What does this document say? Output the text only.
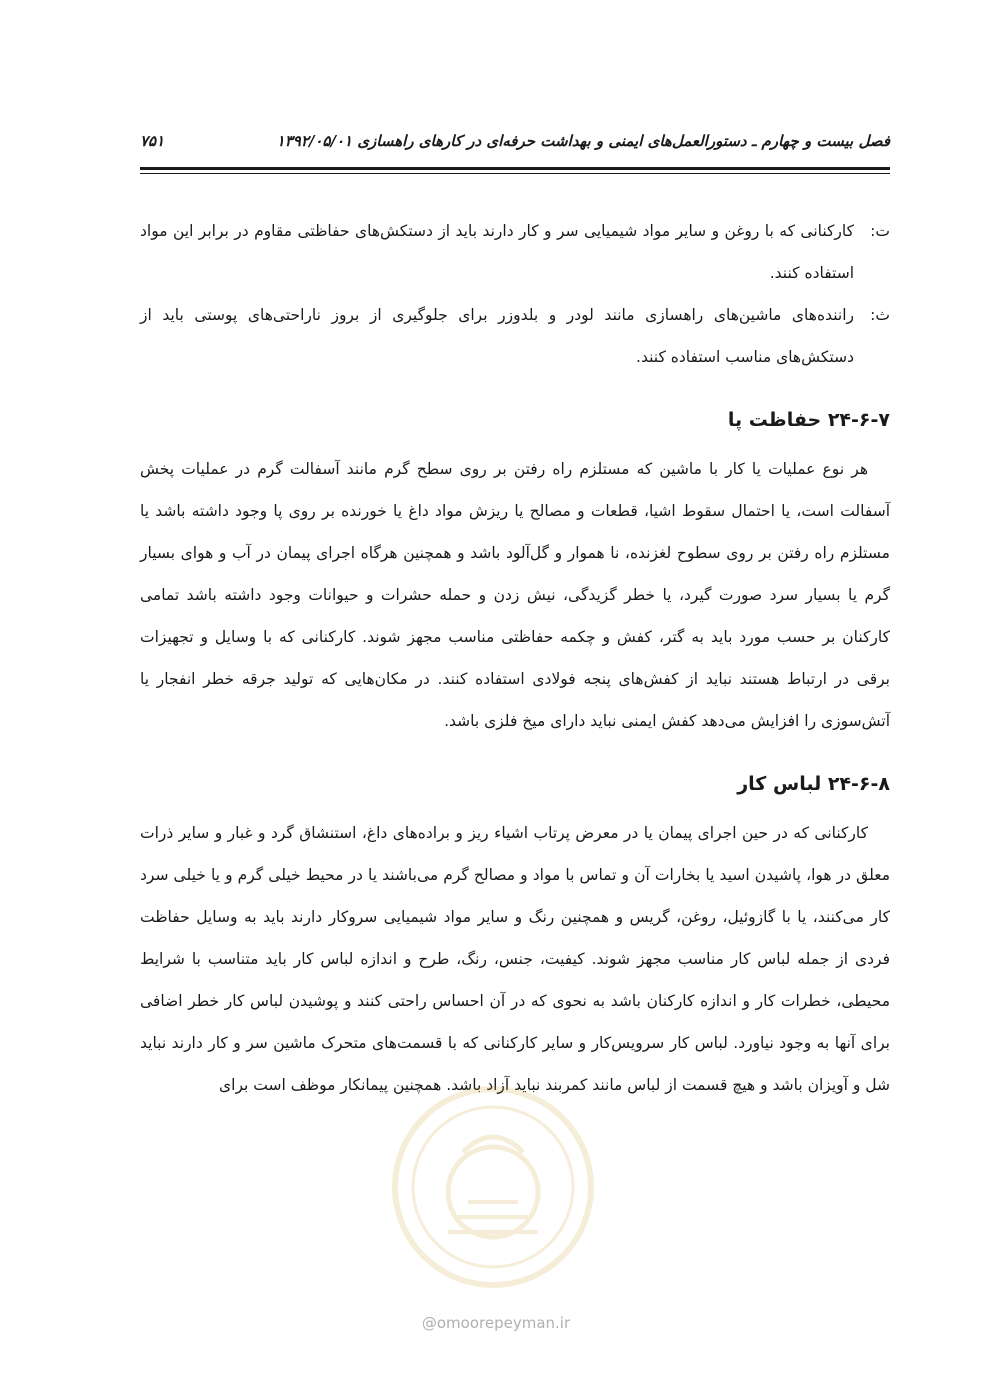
فصل بیست و چهارم ـ دستورالعمل‌های ایمنی و بهداشت حرفه‌ای در کارهای راهسازی ۱۳۹۲/۰۵/۰۱
۷۵۱
ت:
کارکنانی که با روغن و سایر مواد شیمیایی سر و کار دارند باید از دستکش‌های حفاظتی مقاوم در برابر این مواد استفاده کنند.
ث:
راننده‌های ماشین‌های راهسازی مانند لودر و بلدوزر برای جلوگیری از بروز ناراحتی‌های پوستی باید از دستکش‌های مناسب استفاده کنند.
۲۴-۶-۷ حفاظت پا

هر نوع عملیات یا کار با ماشین که مستلزم راه رفتن بر روی سطح گرم مانند آسفالت گرم در عملیات پخش آسفالت است، یا احتمال سقوط اشیا، قطعات و مصالح یا ریزش مواد داغ یا خورنده بر روی پا وجود داشته باشد یا مستلزم راه رفتن بر روی سطوح لغزنده، نا هموار و گل‌آلود باشد و همچنین هرگاه اجرای پیمان در آب و هوای بسیار گرم یا بسیار سرد صورت گیرد، یا خطر گزیدگی، نیش زدن و حمله حشرات و حیوانات وجود داشته باشد تمامی کارکنان بر حسب مورد باید به گتر، کفش و چکمه حفاظتی مناسب مجهز شوند. کارکنانی که با وسایل و تجهیزات برقی در ارتباط هستند نباید از کفش‌های پنجه فولادی استفاده کنند. در مکان‌هایی که تولید جرقه خطر انفجار یا آتش‌سوزی را افزایش می‌دهد کفش ایمنی نباید دارای میخ فلزی باشد.

۲۴-۶-۸ لباس کار

کارکنانی که در حین اجرای پیمان یا در معرض پرتاب اشیاء ریز و براده‌های داغ، استنشاق گرد و غبار و سایر ذرات معلق در هوا، پاشیدن اسید یا بخارات آن و تماس با مواد و مصالح گرم می‌باشند یا در محیط خیلی گرم و یا خیلی سرد کار می‌کنند، یا با گازوئیل، روغن، گریس و همچنین رنگ و سایر مواد شیمیایی سروکار دارند باید به وسایل حفاظت فردی از جمله لباس کار مناسب مجهز شوند. کیفیت، جنس، رنگ، طرح و اندازه لباس کار باید متناسب با شرایط محیطی، خطرات کار و اندازه کارکنان باشد به نحوی که در آن احساس راحتی کنند و پوشیدن لباس کار خطر اضافی برای آنها به وجود نیاورد. لباس کار سرویس‌کار و سایر کارکنانی که با قسمت‌های متحرک ماشین سر و کار دارند نباید شل و آویزان باشد و هیچ قسمت از لباس مانند کمربند نباید آزاد باشد. همچنین پیمانکار موظف است برای

@omoorepeyman.ir
